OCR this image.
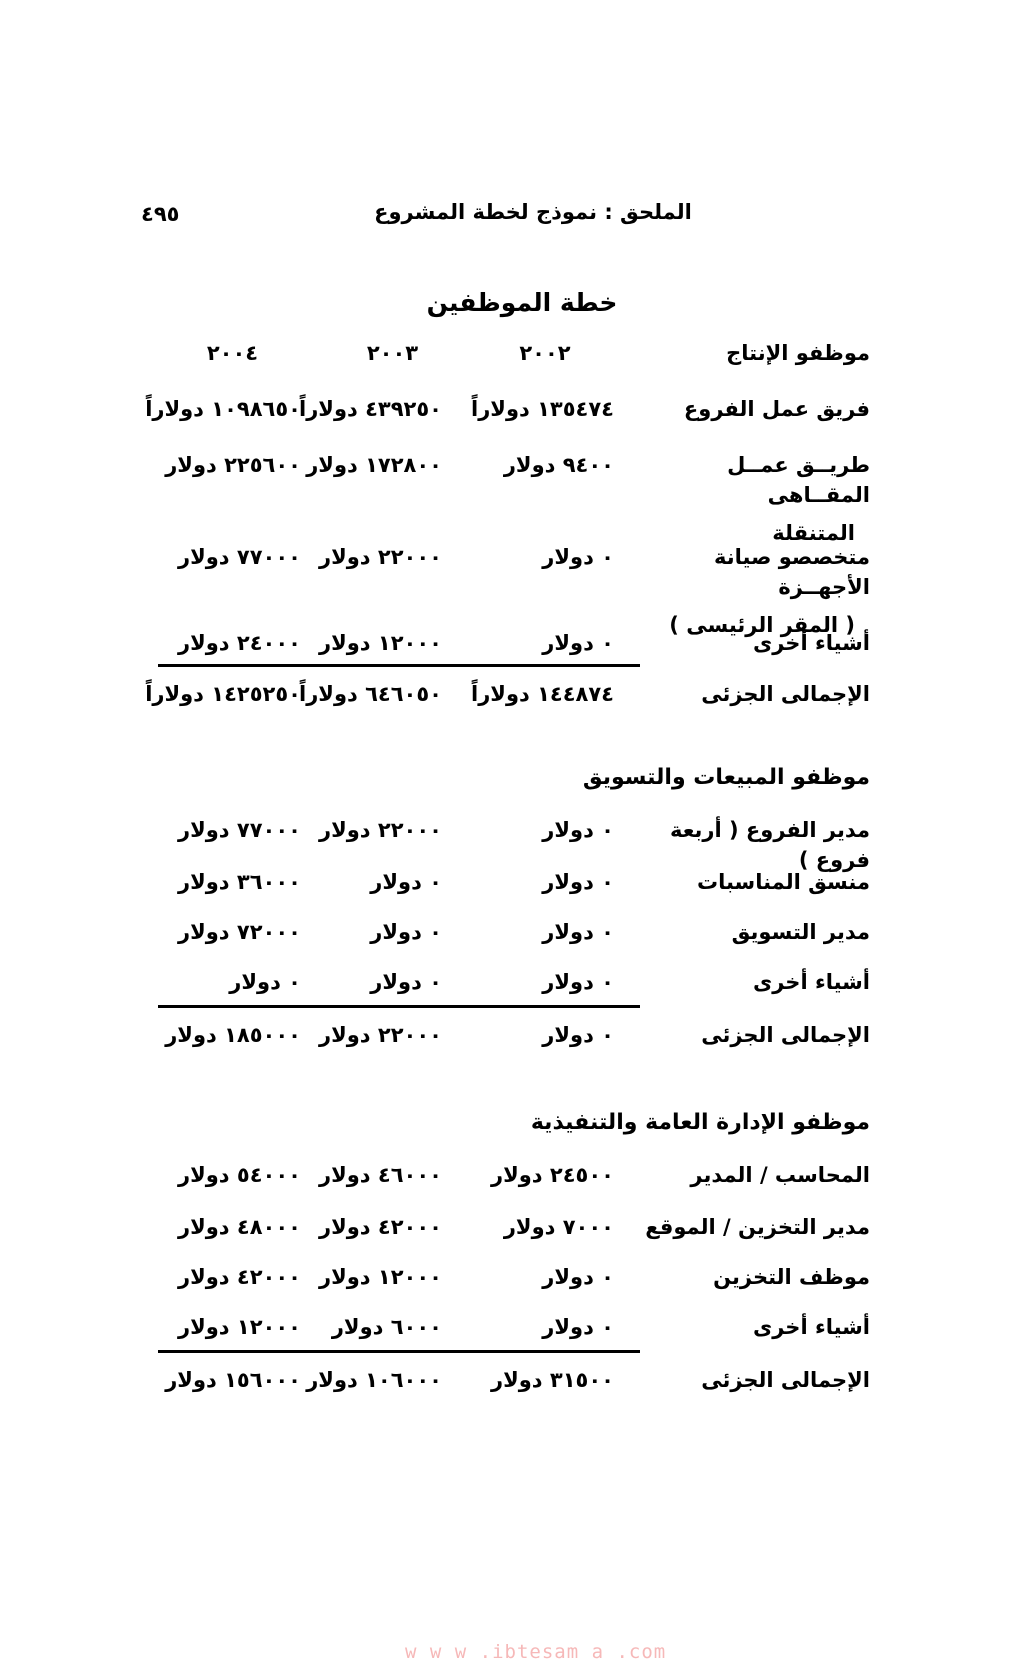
٤٩٥	الملحق : نموذج لخطة المشروع
خطة الموظفين
موظفو الإنتاج
٢٠٠٢
٢٠٠٣
٢٠٠٤
فريق عمل الفروع
١٣٥٤٧٤ دولاراً
٤٣٩٢٥٠ دولاراً
١٠٩٨٦٥٠ دولاراً
طريــق عمــل المقــاهى
المتنقلة
٩٤٠٠ دولار
١٧٢٨٠٠ دولار
٢٢٥٦٠٠ دولار
متخصصو صيانة الأجهــزة
( المقر الرئيسى )
٠ دولار
٢٢٠٠٠ دولار
٧٧٠٠٠ دولار
أشياء أخرى
٠ دولار
١٢٠٠٠ دولار
٢٤٠٠٠ دولار
الإجمالى الجزئى
١٤٤٨٧٤ دولاراً
٦٤٦٠٥٠ دولاراً
١٤٢٥٢٥٠ دولاراً
موظفو المبيعات والتسويق
مدير الفروع ( أربعة فروع )
٠ دولار
٢٢٠٠٠ دولار
٧٧٠٠٠ دولار
منسق المناسبات
٠ دولار
٠ دولار
٣٦٠٠٠ دولار
مدير التسويق
٠ دولار
٠ دولار
٧٢٠٠٠ دولار
أشياء أخرى
٠ دولار
٠ دولار
٠ دولار
الإجمالى الجزئى
٠ دولار
٢٢٠٠٠ دولار
١٨٥٠٠٠ دولار
موظفو الإدارة العامة والتنفيذية
المحاسب / المدير
٢٤٥٠٠ دولار
٤٦٠٠٠ دولار
٥٤٠٠٠ دولار
مدير التخزين / الموقع
٧٠٠٠ دولار
٤٢٠٠٠ دولار
٤٨٠٠٠ دولار
موظف التخزين
٠ دولار
١٢٠٠٠ دولار
٤٢٠٠٠ دولار
أشياء أخرى
٠ دولار
٦٠٠٠ دولار
١٢٠٠٠ دولار
الإجمالى الجزئى
٣١٥٠٠ دولار
١٠٦٠٠٠ دولار
١٥٦٠٠٠ دولار
w w w .ibtesam a .com
